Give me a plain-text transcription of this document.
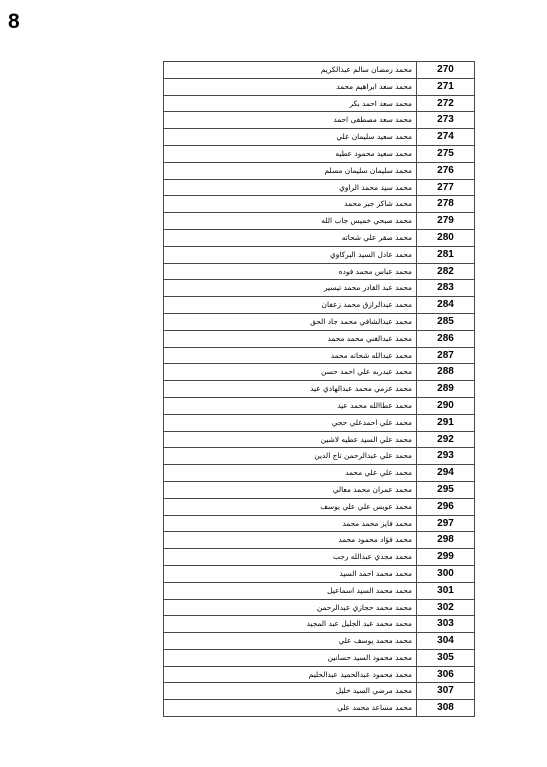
8
محمد رمضان سالم عبدالكريم	270
محمد سعد ابراهيم محمد	271
محمد سعد احمد بكر	272
محمد سعد مصطفى احمد	273
محمد سعيد سليمان علي	274
محمد سعيد محمود عطيه	275
محمد سليمان سليمان مسلم	276
محمد سيد محمد الراوي	277
محمد شاكر جبر محمد	278
محمد صبحي خميس جاب الله	279
محمد صقر علي شحاته	280
محمد عادل السيد البركاوي	281
محمد عباس محمد فوده	282
محمد عبد القادر محمد تيسير	283
محمد عبدالرازق محمد زعفان	284
محمد عبدالشافي محمد جاد الحق	285
محمد عبدالغني محمد محمد	286
محمد عبدالله شحاته محمد	287
محمد عبدربه علي احمد حسن	288
محمد عزمي محمد عبدالهادي عيد	289
محمد عطاالله محمد عيد	290
محمد علي احمدعلي حجي	291
محمد علي السيد عطيه لاشين	292
محمد علي عبدالرحمن تاج الدين	293
محمد علي علي محمد	294
محمد عمران محمد معالي	295
محمد عويس علي علي يوسف	296
محمد فايز محمد محمد	297
محمد فؤاد محمود محمد	298
محمد مجدي عبدالله رجب	299
محمد محمد احمد السيد	300
محمد محمد السيد اسماعيل	301
محمد محمد حجازي عبدالرحمن	302
محمد محمد عبد الجليل عبد المجيد	303
محمد محمد يوسف علي	304
محمد محمود السيد حسانين	305
محمد محمود عبدالحميد عبدالحليم	306
محمد مرضي السيد خليل	307
محمد مساعد محمد علي	308
